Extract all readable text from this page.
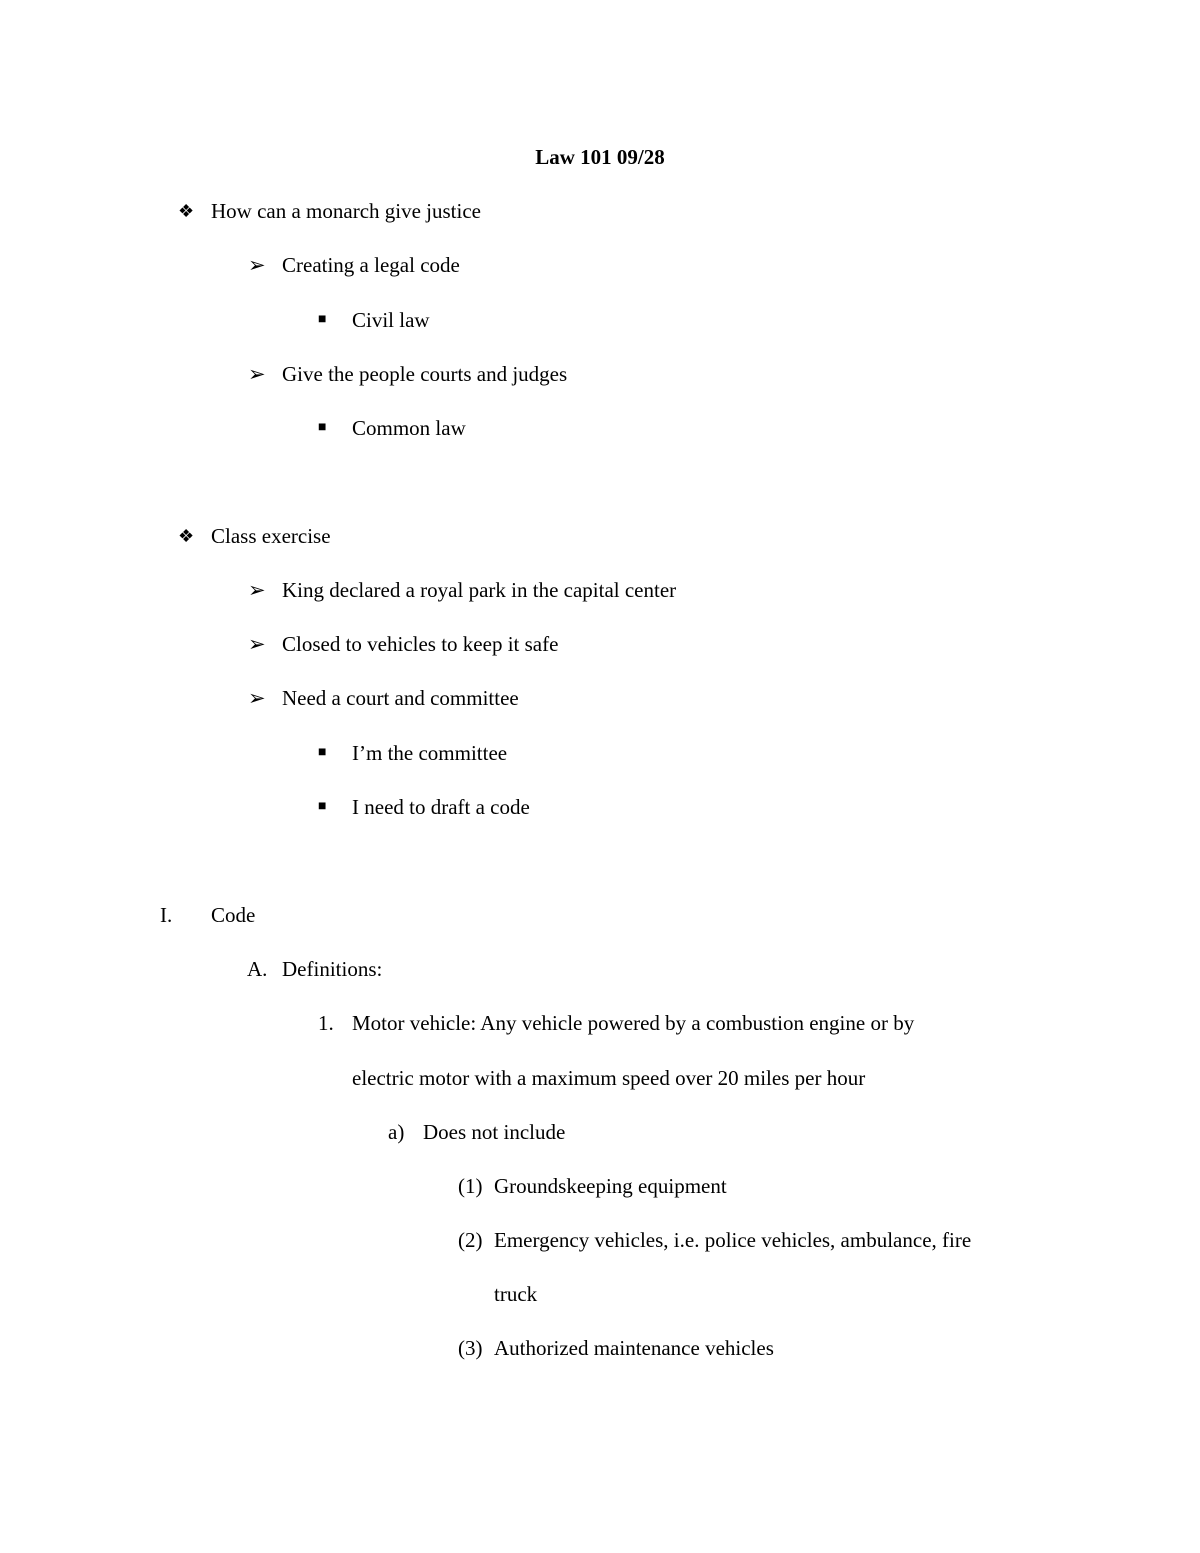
Law 101 09/28
❖ How can a monarch give justice
➢ Creating a legal code
■ Civil law
➢ Give the people courts and judges
■ Common law
❖ Class exercise
➢ King declared a royal park in the capital center
➢ Closed to vehicles to keep it safe
➢ Need a court and committee
■ I’m the committee
■ I need to draft a code
I. Code
A. Definitions:
1. Motor vehicle: Any vehicle powered by a combustion engine or by
electric motor with a maximum speed over 20 miles per hour
a) Does not include
(1) Groundskeeping equipment
(2) Emergency vehicles, i.e. police vehicles, ambulance, fire
truck
(3) Authorized maintenance vehicles
